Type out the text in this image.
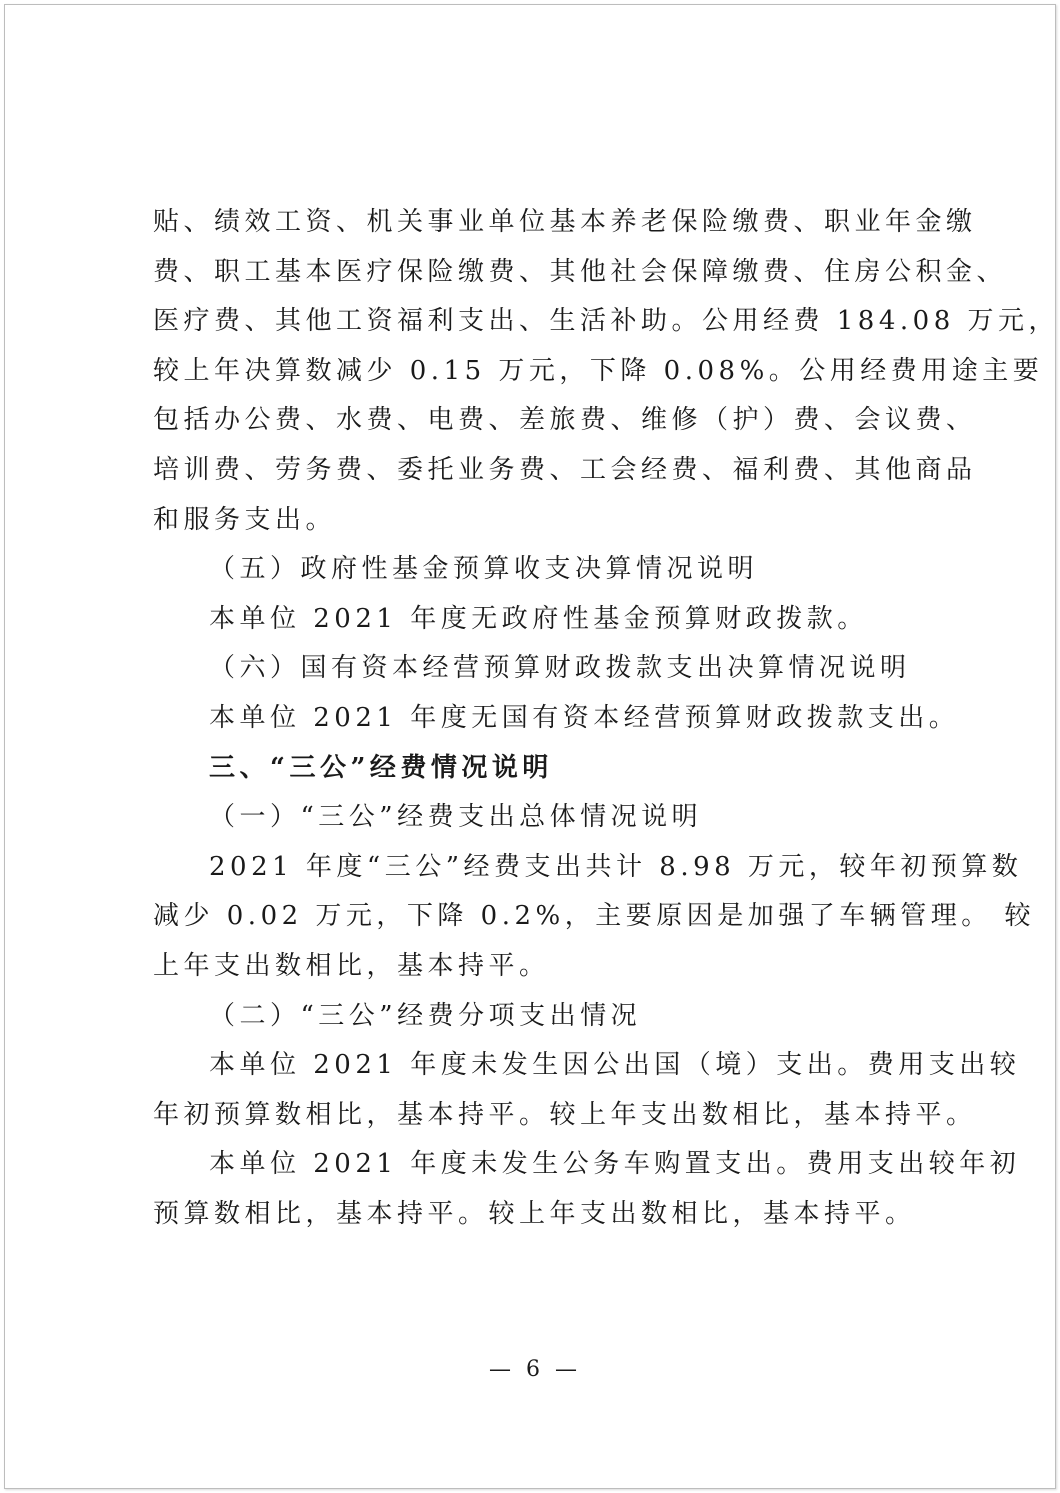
贴、绩效工资、机关事业单位基本养老保险缴费、职业年金缴
费、职工基本医疗保险缴费、其他社会保障缴费、住房公积金、
医疗费、其他工资福利支出、生活补助。公用经费 184.08 万元，
较上年决算数减少 0.15 万元，下降 0.08%。公用经费用途主要
包括办公费、水费、电费、差旅费、维修（护）费、会议费、
培训费、劳务费、委托业务费、工会经费、福利费、其他商品
和服务支出。
（五）政府性基金预算收支决算情况说明
本单位 2021 年度无政府性基金预算财政拨款。
（六）国有资本经营预算财政拨款支出决算情况说明
本单位 2021 年度无国有资本经营预算财政拨款支出。
三、“三公”经费情况说明
（一）“三公”经费支出总体情况说明
2021 年度“三公”经费支出共计 8.98 万元，较年初预算数
减少 0.02 万元，下降 0.2%，主要原因是加强了车辆管理。 较
上年支出数相比，基本持平。
（二）“三公”经费分项支出情况
本单位 2021 年度未发生因公出国（境）支出。费用支出较
年初预算数相比，基本持平。较上年支出数相比，基本持平。
本单位 2021 年度未发生公务车购置支出。费用支出较年初
预算数相比，基本持平。较上年支出数相比，基本持平。
— 6 —
